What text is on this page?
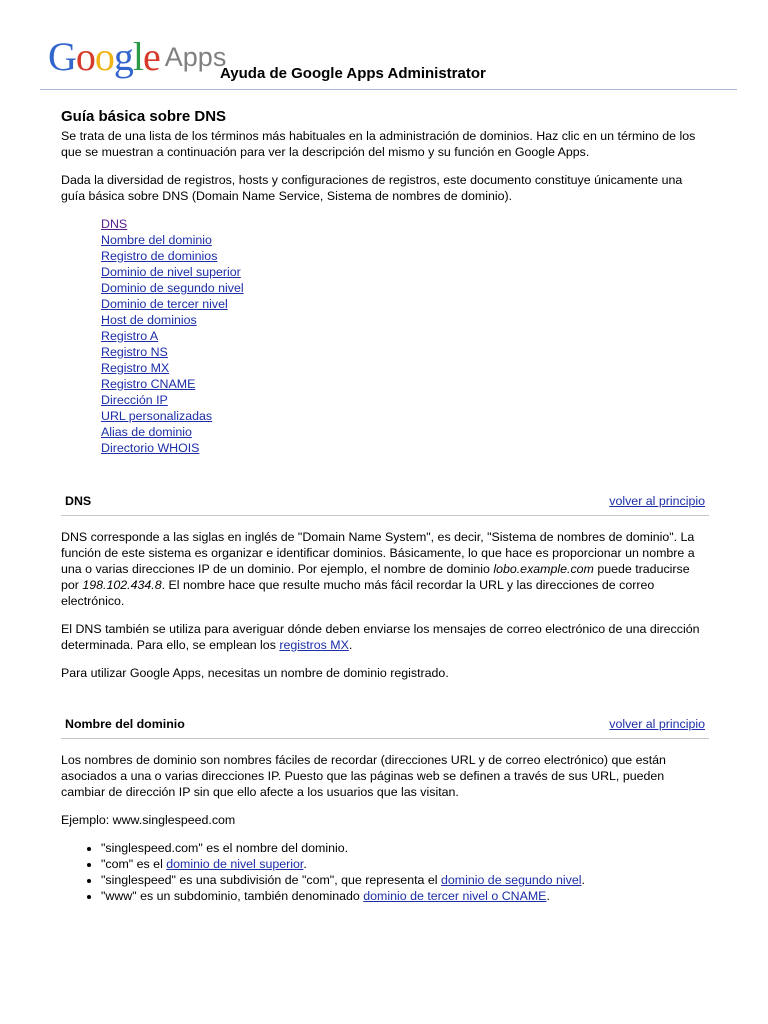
Google Apps
Ayuda de Google Apps Administrator
Guía básica sobre DNS

Se trata de una lista de los términos más habituales en la administración de dominios. Haz clic en un término de los que se muestran a continuación para ver la descripción del mismo y su función en Google Apps.

Dada la diversidad de registros, hosts y configuraciones de registros, este documento constituye únicamente una guía básica sobre DNS (Domain Name Service, Sistema de nombres de dominio).

DNS
Nombre del dominio
Registro de dominios
Dominio de nivel superior
Dominio de segundo nivel
Dominio de tercer nivel
Host de dominios
Registro A
Registro NS
Registro MX
Registro CNAME
Dirección IP
URL personalizadas
Alias de dominio
Directorio WHOIS
DNS	volver al principio

DNS corresponde a las siglas en inglés de "Domain Name System", es decir, "Sistema de nombres de dominio". La función de este sistema es organizar e identificar dominios. Básicamente, lo que hace es proporcionar un nombre a una o varias direcciones IP de un dominio. Por ejemplo, el nombre de dominio lobo.example.com puede traducirse por 198.102.434.8. El nombre hace que resulte mucho más fácil recordar la URL y las direcciones de correo electrónico.

El DNS también se utiliza para averiguar dónde deben enviarse los mensajes de correo electrónico de una dirección determinada. Para ello, se emplean los registros MX.

Para utilizar Google Apps, necesitas un nombre de dominio registrado.

Nombre del dominio	volver al principio

Los nombres de dominio son nombres fáciles de recordar (direcciones URL y de correo electrónico) que están asociados a una o varias direcciones IP. Puesto que las páginas web se definen a través de sus URL, pueden cambiar de dirección IP sin que ello afecte a los usuarios que las visitan.

Ejemplo: www.singlespeed.com

• "singlespeed.com" es el nombre del dominio.
• "com" es el dominio de nivel superior.
• "singlespeed" es una subdivisión de "com", que representa el dominio de segundo nivel.
• "www" es un subdominio, también denominado dominio de tercer nivel o CNAME.
